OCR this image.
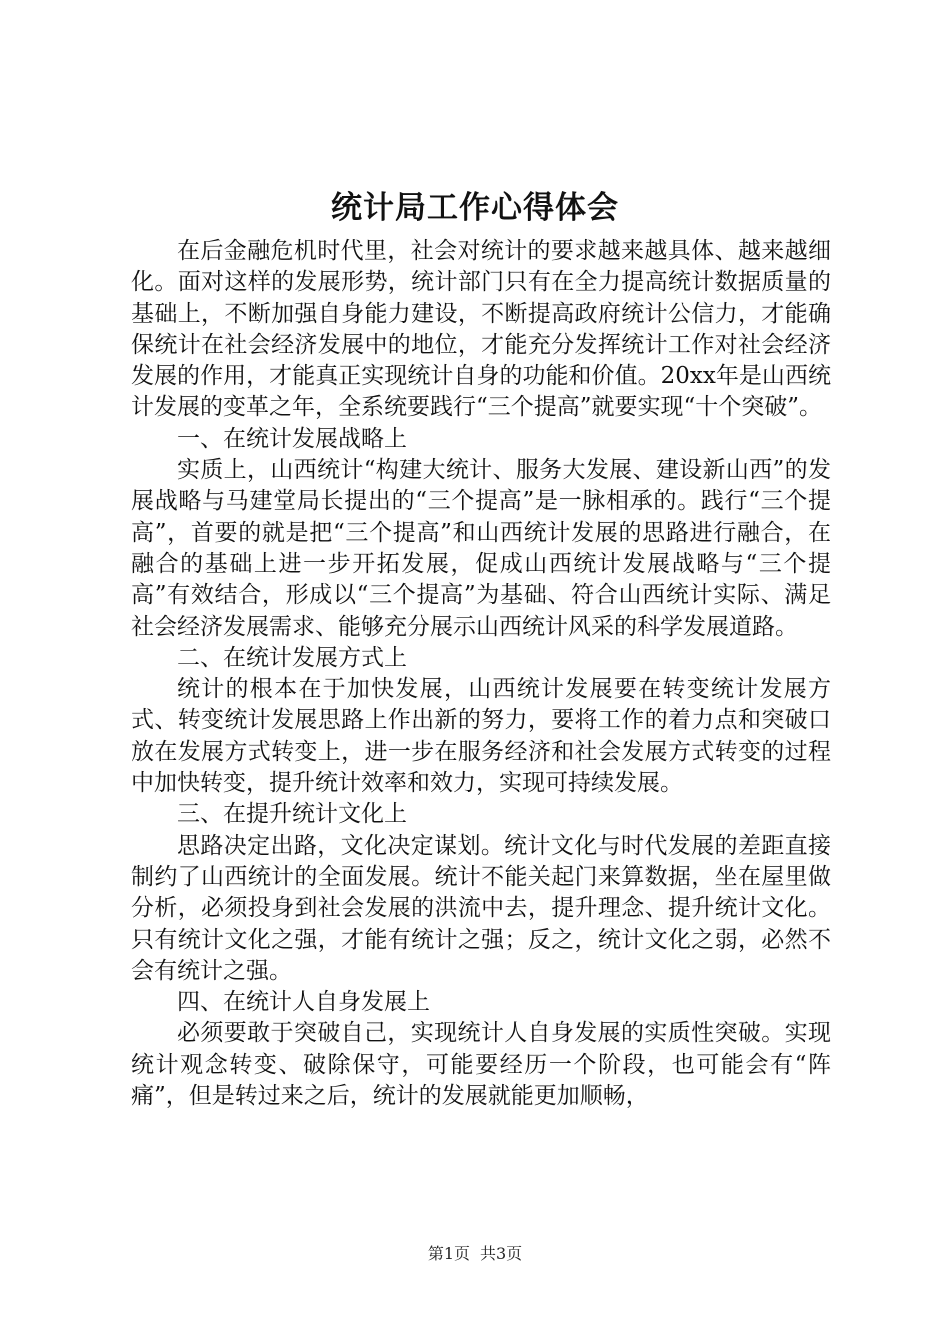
统计局工作心得体会

在后金融危机时代里，社会对统计的要求越来越具体、越来越细化。面对这样的发展形势，统计部门只有在全力提高统计数据质量的基础上，不断加强自身能力建设，不断提高政府统计公信力，才能确保统计在社会经济发展中的地位，才能充分发挥统计工作对社会经济发展的作用，才能真正实现统计自身的功能和价值。20xx年是山西统计发展的变革之年，全系统要践行“三个提高”就要实现“十个突破”。

一、在统计发展战略上

实质上，山西统计“构建大统计、服务大发展、建设新山西”的发展战略与马建堂局长提出的“三个提高”是一脉相承的。践行“三个提高”，首要的就是把“三个提高”和山西统计发展的思路进行融合，在融合的基础上进一步开拓发展，促成山西统计发展战略与“三个提高”有效结合，形成以“三个提高”为基础、符合山西统计实际、满足社会经济发展需求、能够充分展示山西统计风采的科学发展道路。

二、在统计发展方式上

统计的根本在于加快发展，山西统计发展要在转变统计发展方式、转变统计发展思路上作出新的努力，要将工作的着力点和突破口放在发展方式转变上，进一步在服务经济和社会发展方式转变的过程中加快转变，提升统计效率和效力，实现可持续发展。

三、在提升统计文化上

思路决定出路，文化决定谋划。统计文化与时代发展的差距直接制约了山西统计的全面发展。统计不能关起门来算数据，坐在屋里做分析，必须投身到社会发展的洪流中去，提升理念、提升统计文化。只有统计文化之强，才能有统计之强；反之，统计文化之弱，必然不会有统计之强。

四、在统计人自身发展上

必须要敢于突破自己，实现统计人自身发展的实质性突破。实现统计观念转变、破除保守，可能要经历一个阶段，也可能会有“阵痛”，但是转过来之后，统计的发展就能更加顺畅，

第1页 共3页
